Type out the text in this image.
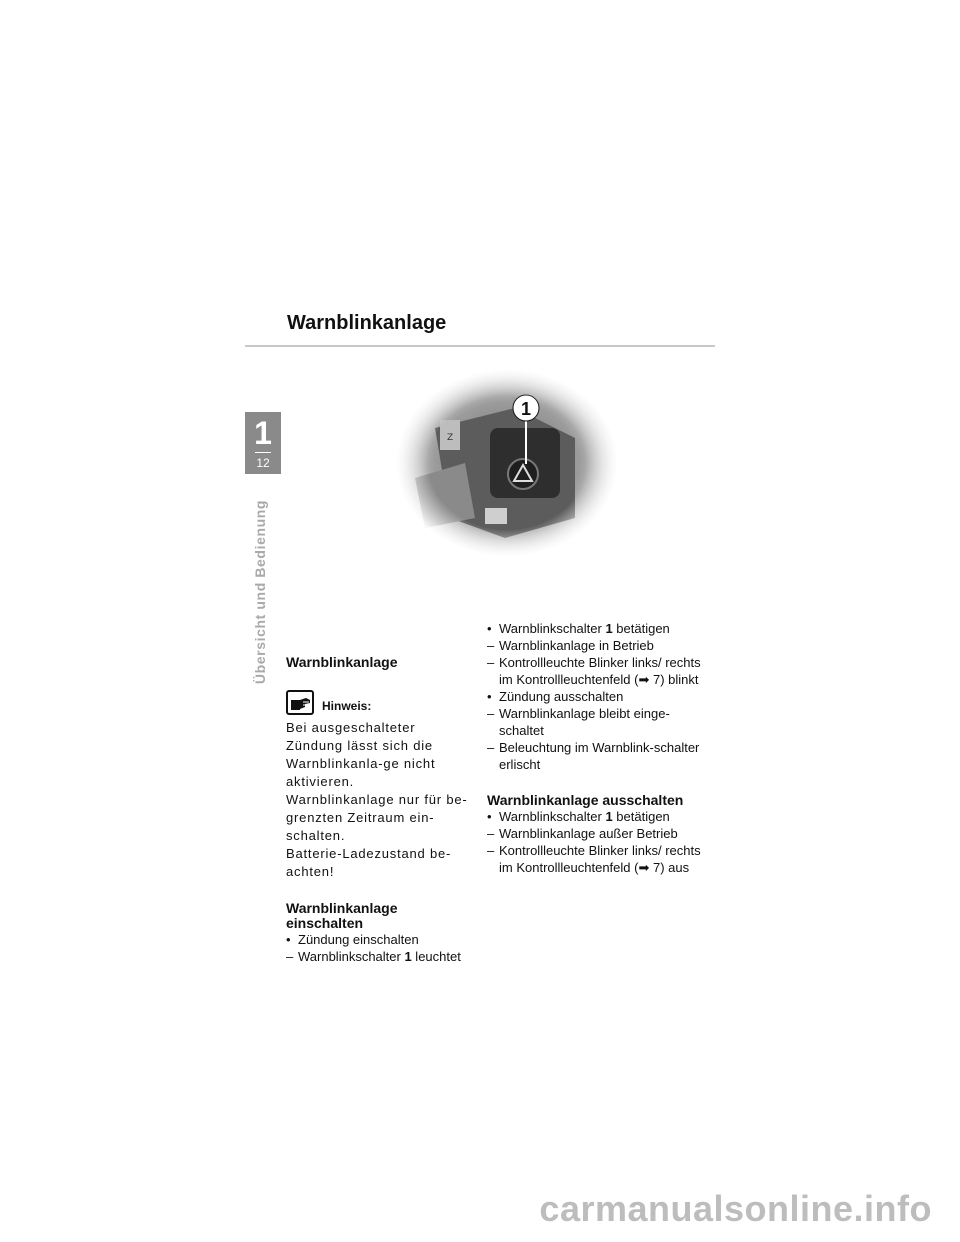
Warnblinkanlage
1
12
Übersicht und Bedienung Warnblinkanlage
Hinweis:
Bei ausgeschalteter Zündung lässt sich die Warnblinkanla-ge nicht aktivieren.
Warnblinkanlage nur für be-grenzten Zeitraum ein-schalten.
Batterie-Ladezustand be-achten!
Warnblinkanlage einschalten
• Zündung einschalten
– Warnblinkschalter 1 leuchtet
• Warnblinkschalter 1 betätigen
– Warnblinkanlage in Betrieb
– Kontrollleuchte Blinker links/ rechts im Kontrollleuchtenfeld (➡ 7) blinkt
• Zündung ausschalten
– Warnblinkanlage bleibt einge-schaltet
– Beleuchtung im Warnblink-schalter erlischt
Warnblinkanlage ausschalten
• Warnblinkschalter 1 betätigen
– Warnblinkanlage außer Betrieb
– Kontrollleuchte Blinker links/ rechts im Kontrollleuchtenfeld (➡ 7) aus
carmanualsonline.info
